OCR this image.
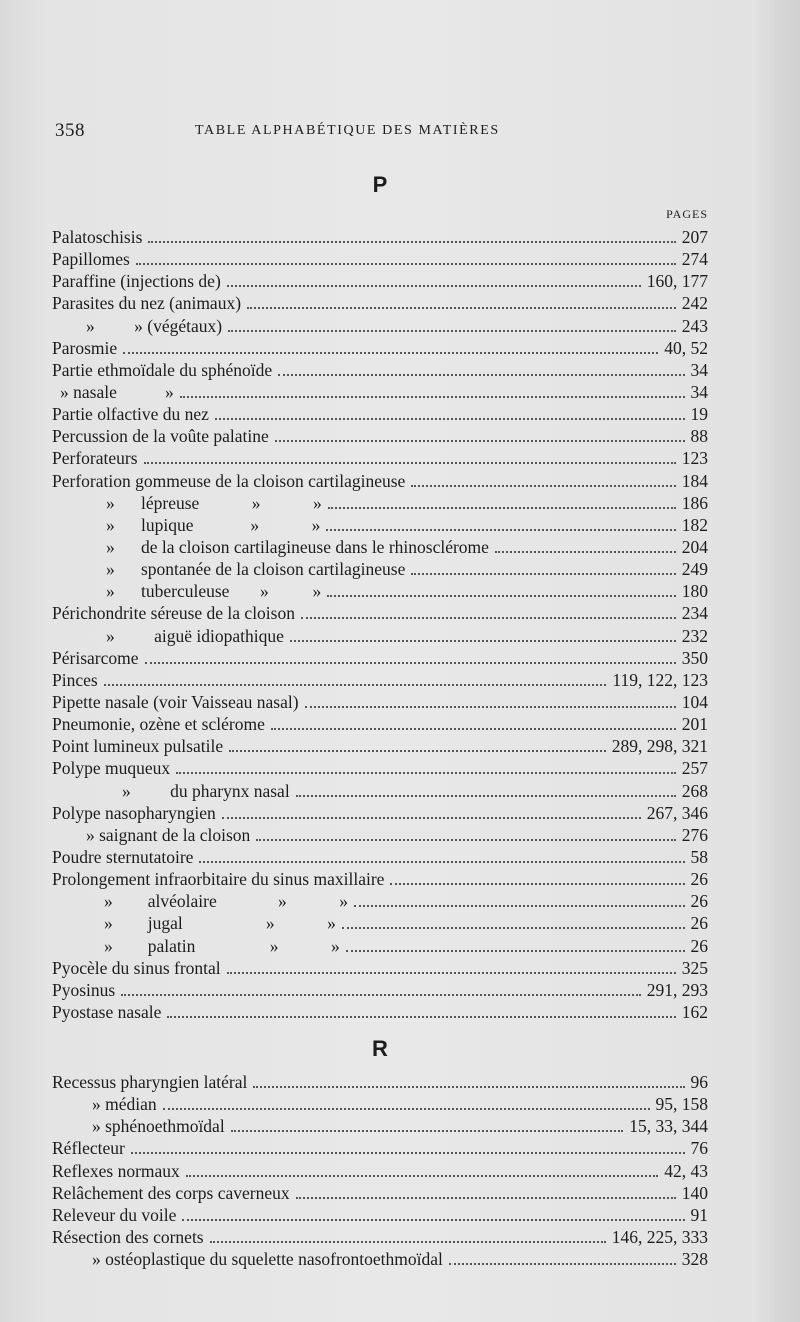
358	TABLE ALPHABÉTIQUE DES MATIÈRES
P
PAGES
Palatoschisis	207
Papillomes	274
Paraffine (injections de)	160, 177
Parasites du nez (animaux)	242
»         » (végétaux)	243
Parosmie	40, 52
Partie ethmoïdale du sphénoïde	34
» nasale           »	34
Partie olfactive du nez	19
Percussion de la voûte palatine	88
Perforateurs	123
Perforation gommeuse de la cloison cartilagineuse	184
»      lépreuse            »            »	186
»      lupique             »            »	182
»      de la cloison cartilagineuse dans le rhinosclérome	204
»      spontanée de la cloison cartilagineuse	249
»      tuberculeuse       »          »	180
Périchondrite séreuse de la cloison	234
»         aiguë idiopathique	232
Périsarcome	350
Pinces	119, 122, 123
Pipette nasale (voir Vaisseau nasal)	104
Pneumonie, ozène et sclérome	201
Point lumineux pulsatile	289, 298, 321
Polype muqueux	257
»         du pharynx nasal	268
Polype nasopharyngien	267, 346
» saignant de la cloison	276
Poudre sternutatoire	58
Prolongement infraorbitaire du sinus maxillaire	26
»        alvéolaire              »            »	26
»        jugal                   »            »	26
»        palatin                 »            »	26
Pyocèle du sinus frontal	325
Pyosinus	291, 293
Pyostase nasale	162
R
Recessus pharyngien latéral	96
» médian	95, 158
» sphénoethmoïdal	15, 33, 344
Réflecteur	76
Reflexes normaux	42, 43
Relâchement des corps caverneux	140
Releveur du voile	91
Résection des cornets	146, 225, 333
» ostéoplastique du squelette nasofrontoethmoïdal	328
